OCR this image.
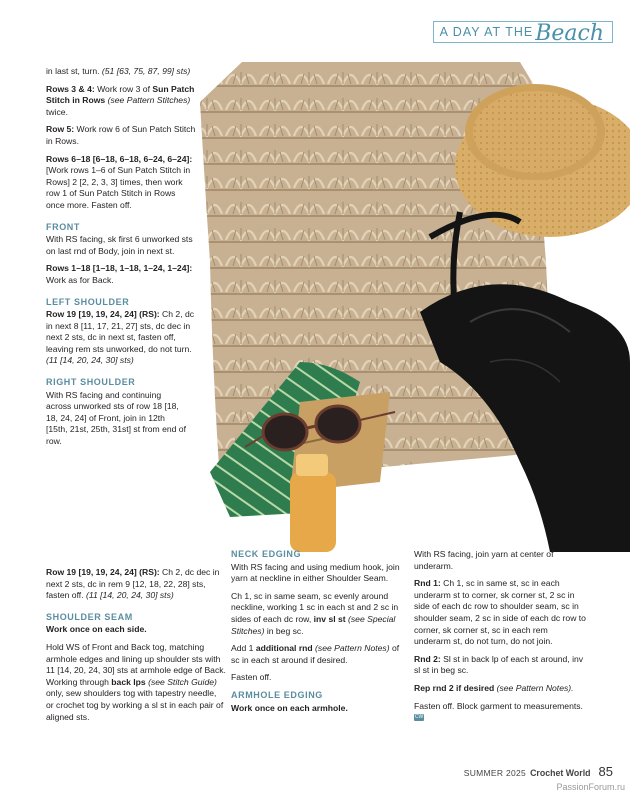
A DAY AT THE Beach

in last st, turn. (51 [63, 75, 87, 99] sts)

Rows 3 & 4: Work row 3 of Sun Patch Stitch in Rows (see Pattern Stitches) twice.

Row 5: Work row 6 of Sun Patch Stitch in Rows.

Rows 6–18 [6–18, 6–18, 6–24, 6–24]: [Work rows 1–6 of Sun Patch Stitch in Rows] 2 [2, 2, 3, 3] times, then work row 1 of Sun Patch Stitch in Rows once more. Fasten off.

FRONT

With RS facing, sk first 6 unworked sts on last rnd of Body, join in next st.

Rows 1–18 [1–18, 1–18, 1–24, 1–24]: Work as for Back.

LEFT SHOULDER

Row 19 [19, 19, 24, 24] (RS): Ch 2, dc in next 8 [11, 17, 21, 27] sts, dc dec in next 2 sts, dc in next st, fasten off, leaving rem sts unworked, do not turn.
(11 [14, 20, 24, 30] sts)

RIGHT SHOULDER

With RS facing and continuing across unworked sts of row 18 [18, 18, 24, 24] of Front, join in 12th [15th, 21st, 25th, 31st] st from end of row.

Row 19 [19, 19, 24, 24] (RS): Ch 2, dc dec in next 2 sts, dc in rem 9 [12, 18, 22, 28] sts, fasten off. (11 [14, 20, 24, 30] sts)

SHOULDER SEAM

Work once on each side.

Hold WS of Front and Back tog, matching armhole edges and lining up shoulder sts with 11 [14, 20, 24, 30] sts at armhole edge of Back. Working through back lps (see Stitch Guide) only, sew shoulders tog with tapestry needle, or crochet tog by working a sl st in each pair of aligned sts.

NECK EDGING

With RS facing and using medium hook, join yarn at neckline in either Shoulder Seam.

Ch 1, sc in same seam, sc evenly around neckline, working 1 sc in each st and 2 sc in sides of each dc row, inv sl st (see Special Stitches) in beg sc.

Add 1 additional rnd (see Pattern Notes) of sc in each st around if desired.

Fasten off.

ARMHOLE EDGING

Work once on each armhole.

With RS facing, join yarn at center of underarm.

Rnd 1: Ch 1, sc in same st, sc in each underarm st to corner, sk corner st, 2 sc in side of each dc row to shoulder seam, sc in shoulder seam, 2 sc in side of each dc row to corner, sk corner st, sc in each rem underarm st, do not turn, do not join.

Rnd 2: Sl st in back lp of each st around, inv sl st in beg sc.

Rep rnd 2 if desired (see Pattern Notes).

Fasten off. Block garment to measurements. CW

SUMMER 2025 Crochet World 85
PassionForum.ru
